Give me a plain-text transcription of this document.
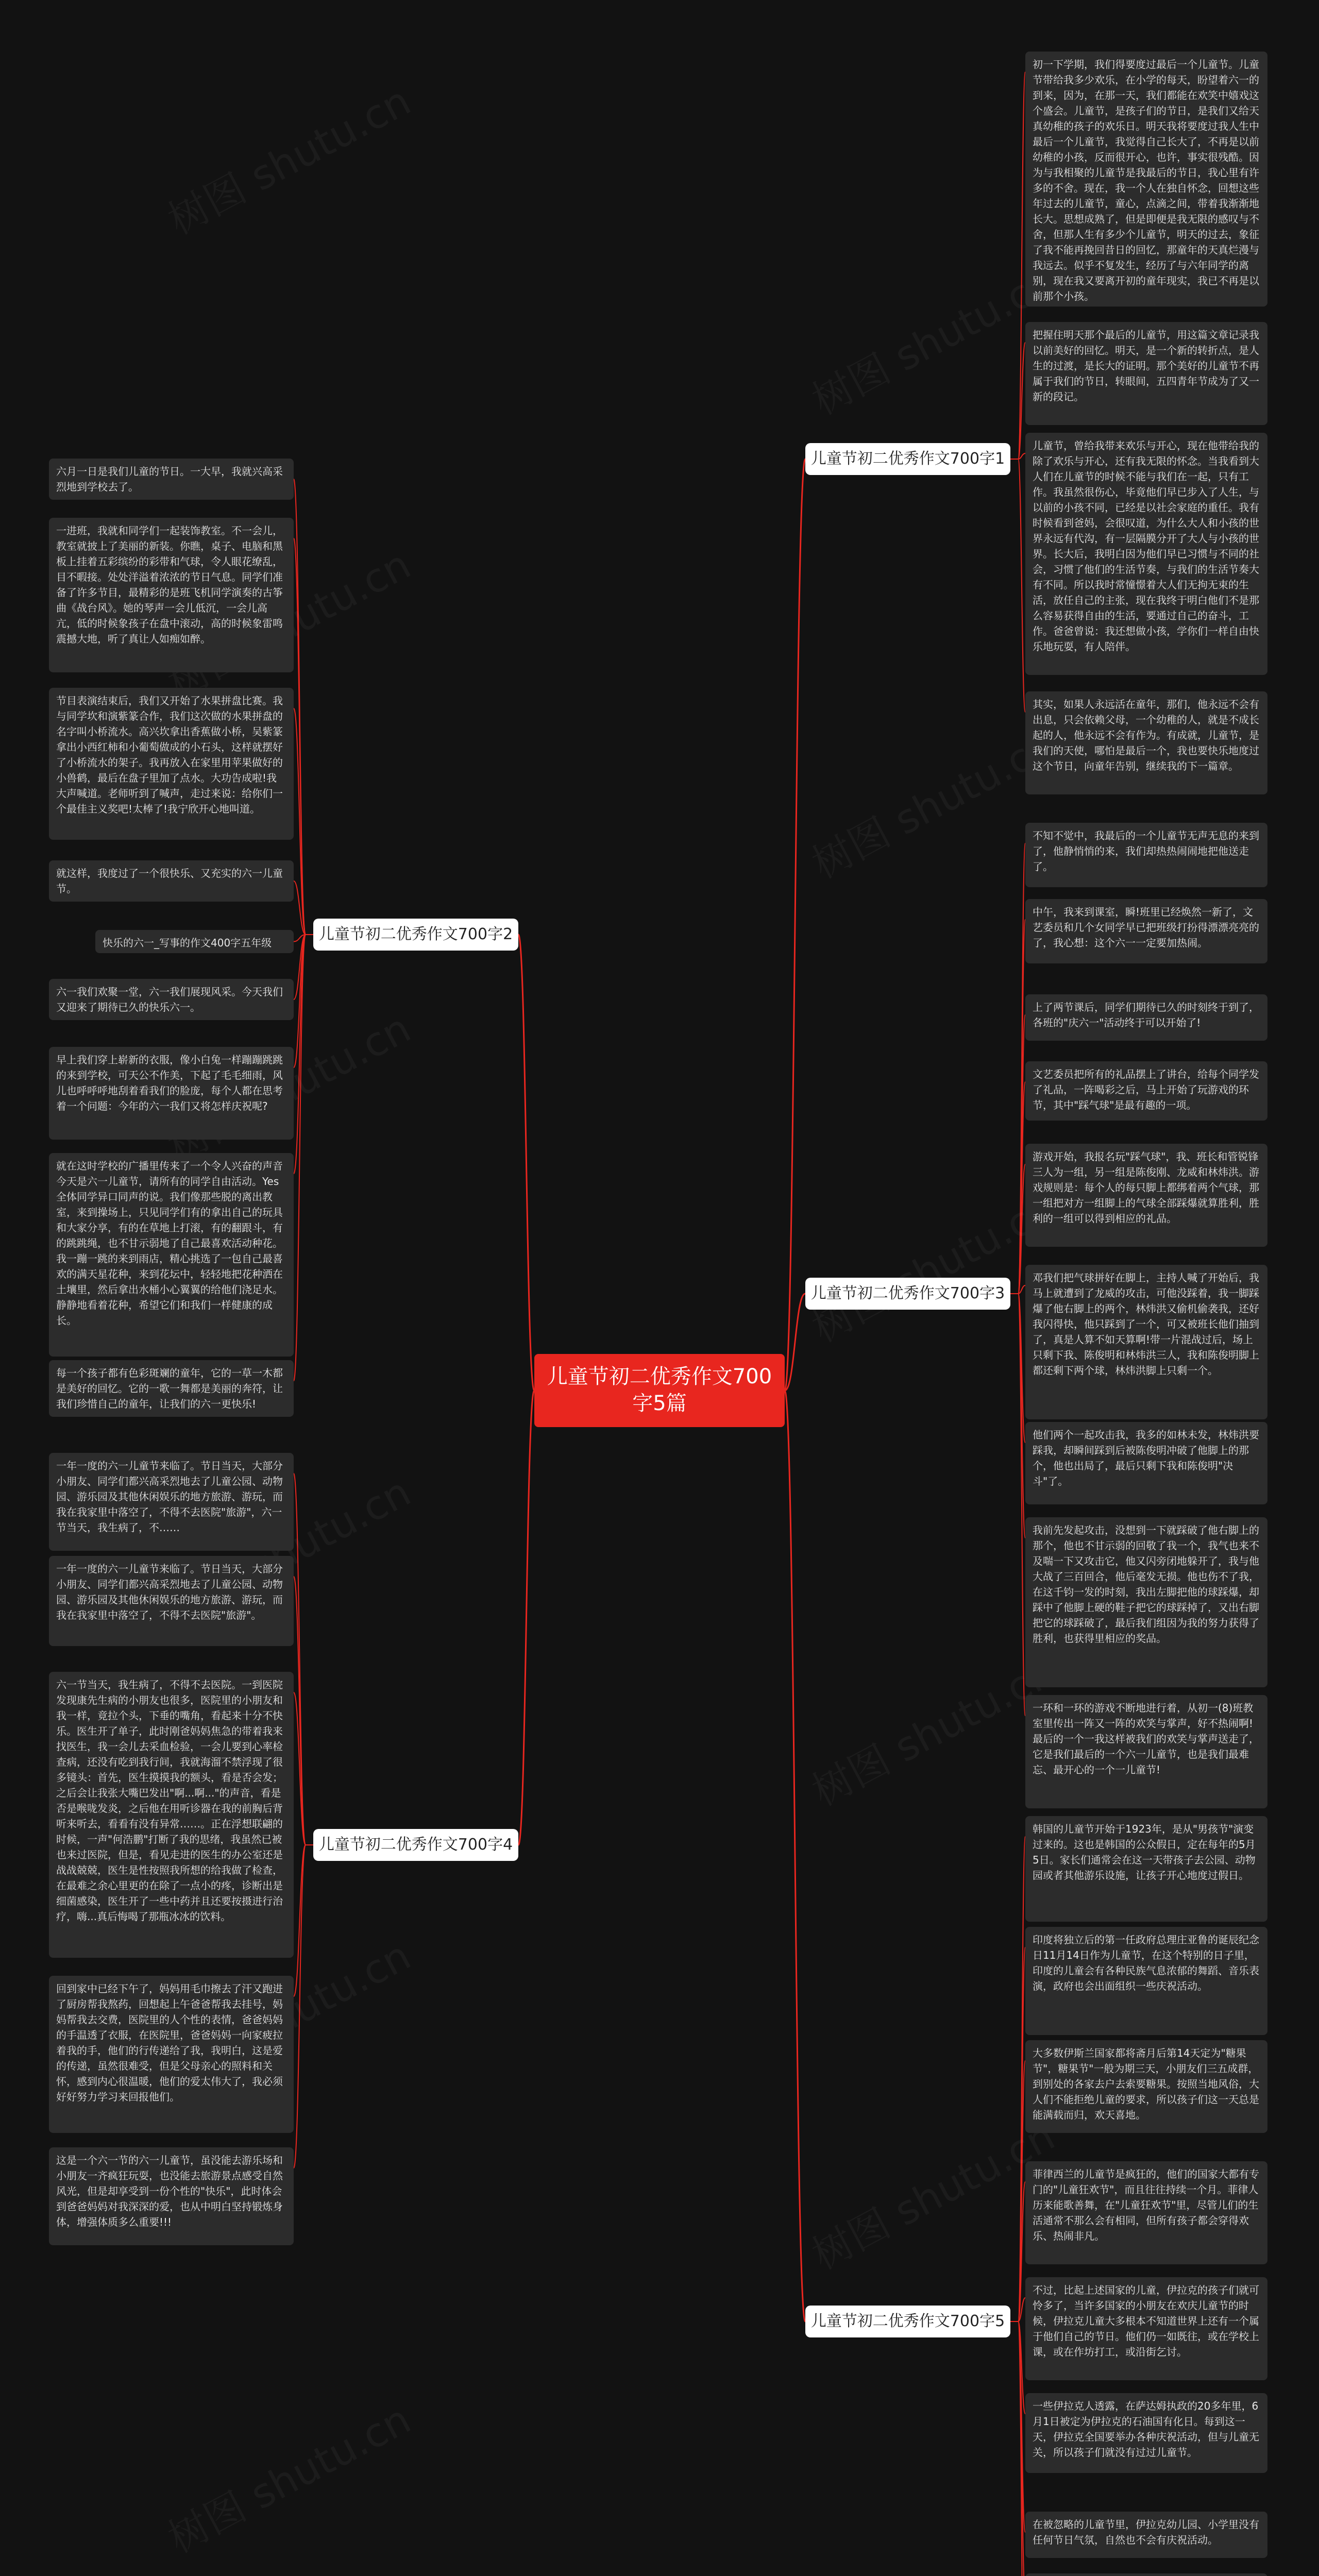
儿童节初二优秀作文700字1
初一下学期，我们得要度过最后一个儿童节。儿童节带给我多少欢乐，在小学的每天，盼望着六一的到来，因为，在那一天，我们都能在欢笑中嬉戏这个盛会。儿童节，是孩子们的节日，是我们又给天真幼稚的孩子的欢乐日。明天我将要度过我人生中最后一个儿童节，我觉得自己长大了，不再是以前幼稚的小孩，反而很开心，也许，事实很残酷。因为与我相聚的儿童节是我最后的节日，我心里有许多的不舍。现在，我一个人在独自怀念，回想这些年过去的儿童节，童心，点滴之间，带着我渐渐地长大。思想成熟了，但是即便是我无限的感叹与不舍，但那人生有多少个儿童节，明天的过去，象征了我不能再挽回昔日的回忆，那童年的天真烂漫与我远去。似乎不复发生，经历了与六年同学的离别，现在我又要离开初的童年现实，我已不再是以前那个小孩。
把握住明天那个最后的儿童节，用这篇文章记录我以前美好的回忆。明天，是一个新的转折点，是人生的过渡，是长大的证明。那个美好的儿童节不再属于我们的节日，转眼间，五四青年节成为了又一新的段记。
儿童节，曾给我带来欢乐与开心，现在他带给我的除了欢乐与开心，还有我无限的怀念。当我看到大人们在儿童节的时候不能与我们在一起，只有工作。我虽然很伤心，毕竟他们早已步入了人生，与以前的小孩不同，已经是以社会家庭的重任。我有时候看到爸妈，会很叹道，为什么大人和小孩的世界永远有代沟，有一层隔膜分开了大人与小孩的世界。长大后，我明白因为他们早已习惯与不同的社会，习惯了他们的生活节奏，与我们的生活节奏大有不同。所以我时常憧憬着大人们无拘无束的生活，放任自己的主张，现在我终于明白他们不是那么容易获得自由的生活，要通过自己的奋斗，工作。爸爸曾说：我还想做小孩，学你们一样自由快乐地玩耍，有人陪伴。
其实，如果人永远活在童年，那们，他永远不会有出息，只会依赖父母，一个幼稚的人，就是不成长起的人，他永远不会有作为。有成就，儿童节，是我们的天使，哪怕是最后一个，我也要快乐地度过这个节日，向童年告别，继续我的下一篇章。
儿童节初二优秀作文700字2
六月一日是我们儿童的节日。一大早，我就兴高采烈地到学校去了。
一进班，我就和同学们一起装饰教室。不一会儿，教室就披上了美丽的新装。你瞧，桌子、电脑和黑板上挂着五彩缤纷的彩带和气球，令人眼花缭乱，目不暇接。处处洋溢着浓浓的节日气息。同学们准备了许多节目，最精彩的是班飞机同学演奏的古筝曲《战台风》。她的琴声一会儿低沉，一会儿高亢，低的时候象孩子在盘中滚动，高的时候象雷鸣震撼大地，听了真让人如痴如醉。
节目表演结束后，我们又开始了水果拼盘比赛。我与同学坎和演紫篆合作，我们这次做的水果拼盘的名字叫小桥流水。高兴坎拿出香蕉做小桥，吴紫篆拿出小西红柿和小葡萄做成的小石头，这样就摆好了小桥流水的架子。我再放入在家里用苹果做好的小兽鹤，最后在盘子里加了点水。大功告成啦!我大声喊道。老师听到了喊声，走过来说：给你们一个最佳主义奖吧!太棒了!我宁欣开心地叫道。
就这样，我度过了一个很快乐、又充实的六一儿童节。
快乐的六一_写事的作文400字五年级
六一我们欢聚一堂，六一我们展现风采。今天我们又迎来了期待已久的快乐六一。
早上我们穿上崭新的衣服，像小白兔一样蹦蹦跳跳的来到学校，可天公不作美，下起了毛毛细雨，风儿也呼呼呼地刮着看我们的脸庞，每个人都在思考着一个问题：今年的六一我们又将怎样庆祝呢?
就在这时学校的广播里传来了一个令人兴奋的声音今天是六一儿童节，请所有的同学自由活动。Yes全体同学异口同声的说。我们像那些脱的离出教室，来到操场上，只见同学们有的拿出自己的玩具和大家分享，有的在草地上打滚，有的翻跟斗，有的跳跳绳，也不甘示弱地了自己最喜欢活动种花。我一蹦一跳的来到雨店，精心挑选了一包自己最喜欢的满天星花种，来到花坛中，轻轻地把花种洒在土壤里，然后拿出水桶小心翼翼的给他们浇足水。静静地看着花种，希望它们和我们一样健康的成长。
每一个孩子都有色彩斑斓的童年，它的一草一木都是美好的回忆。它的一歌一舞都是美丽的奔符，让我们珍惜自己的童年，让我们的六一更快乐!
儿童节初二优秀作文700字3
不知不觉中，我最后的一个儿童节无声无息的来到了，他静悄悄的来，我们却热热闹闹地把他送走了。
中午，我来到课室，瞬!班里已经焕然一新了，文艺委员和几个女同学早已把班级打扮得漂漂亮亮的了，我心想：这个六一一定要加热闹。
上了两节课后，同学们期待已久的时刻终于到了，各班的"庆六一"活动终于可以开始了!
文艺委员把所有的礼品摆上了讲台，给每个同学发了礼品，一阵喝彩之后，马上开始了玩游戏的环节，其中"踩气球"是最有趣的一项。
游戏开始，我报名玩"踩气球"，我、班长和管锐锋三人为一组，另一组是陈俊刚、龙威和林炜洪。游戏规则是：每个人的每只脚上都绑着两个气球，那一组把对方一组脚上的气球全部踩爆就算胜利，胜利的一组可以得到相应的礼品。
邓我们把气球拼好在脚上，主持人喊了开始后，我马上就遭到了龙威的攻击，可他没踩着，我一脚踩爆了他右脚上的两个，林炜洪又偷机偷袭我，还好我闪得快，他只踩到了一个，可又被班长他们抽到了，真是人算不如天算啊!带一片混战过后，场上只剩下我、陈俊明和林炜洪三人，我和陈俊明脚上都还剩下两个球，林炜洪脚上只剩一个。
他们两个一起攻击我，我多的如林未发，林炜洪要踩我，却瞬间踩到后被陈俊明冲破了他脚上的那个，他也出局了，最后只剩下我和陈俊明"决斗"了。
我前先发起攻击，没想到一下就踩破了他右脚上的那个，他也不甘示弱的回敬了我一个，我气也来不及喘一下又攻击它，他又闪旁闭地躲开了，我与他大战了三百回合，他后毫发无损。他也伤不了我，在这千钧一发的时刻，我出左脚把他的球踩爆，却踩中了他脚上硬的鞋子把它的球踩掉了，又出右脚把它的球踩破了，最后我们组因为我的努力获得了胜利，也获得里相应的奖品。
一环和一环的游戏不断地进行着，从初一(8)班教室里传出一阵又一阵的欢笑与掌声，好不热闹啊!最后的一个一我这样被我们的欢笑与掌声送走了，它是我们最后的一个六一儿童节，也是我们最难忘、最开心的一个一儿童节!
儿童节初二优秀作文700字4
一年一度的六一儿童节来临了。节日当天，大部分小朋友、同学们都兴高采烈地去了儿童公园、动物园、游乐园及其他休闲娱乐的地方旅游、游玩，而我在我家里中落空了，不得不去医院"旅游"，六一节当天，我生病了，不……
一年一度的六一儿童节来临了。节日当天，大部分小朋友、同学们都兴高采烈地去了儿童公园、动物园、游乐园及其他休闲娱乐的地方旅游、游玩，而我在我家里中落空了，不得不去医院"旅游"。
六一节当天，我生病了，不得不去医院。一到医院发现康先生病的小朋友也很多，医院里的小朋友和我一样，竟拉个头，下垂的嘴角，看起来十分不快乐。医生开了单子，此时刚爸妈妈焦急的带着我来找医生，我一会儿去采血检验，一会儿要到心率检查病，还没有吃到我行间，我就海溜不禁浮现了很多镜头：首先，医生摸摸我的额头，看是否会发；之后会让我张大嘴巴发出"啊...啊..."的声音，看是否是喉咙发炎，之后他在用听诊器在我的前胸后背听来听去，看看有没有异常……。正在浮想联翩的时候，一声"何浩鹏"打断了我的思绪，我虽然已被也来过医院，但是，看见走进的医生的办公室还是战战兢兢，医生是性按照我所想的给我做了检查，在最难之余心里更的在除了一点小的疼，诊断出是细菌感染，医生开了一些中药并且还要按摄进行治疗，嗨...真后悔喝了那瓶冰冰的饮料。
回到家中已经下午了，妈妈用毛巾擦去了汗又跑进了厨房帮我熬药，回想起上午爸爸帮我去挂号，妈妈帮我去交费，医院里的人个性的表情，爸爸妈妈的手温透了衣服，在医院里，爸爸妈妈一向家疲拉着我的手，他们的行传递给了我，我明白，这是爱的传递，虽然很难受，但是父母亲心的照料和关怀，感到内心很温暖，他们的爱太伟大了，我必须好好努力学习来回报他们。
这是一个六一节的六一儿童节，虽没能去游乐场和小朋友一齐疯狂玩耍，也没能去旅游景点感受自然风光，但是却享受到一份个性的"快乐"，此时体会到爸爸妈妈对我深深的爱，也从中明白坚持锻炼身体，增强体质多么重要!!!
儿童节初二优秀作文700字5
韩国的儿童节开始于1923年，是从"男孩节"演变过来的。这也是韩国的公众假日，定在每年的5月5日。家长们通常会在这一天带孩子去公园、动物园或者其他游乐设施，让孩子开心地度过假日。
印度将独立后的第一任政府总理庄亚鲁的诞辰纪念日11月14日作为儿童节，在这个特别的日子里，印度的儿童会有各种民族气息浓郁的舞蹈、音乐表演，政府也会出面组织一些庆祝活动。
大多数伊斯兰国家都将斋月后第14天定为"糖果节"，糖果节"一般为期三天，小朋友们三五成群，到别处的各家去户去索要糖果。按照当地风俗，大人们不能拒绝儿童的要求，所以孩子们这一天总是能满载而归，欢天喜地。
菲律西兰的儿童节是疯狂的，他们的国家大都有专门的"儿童狂欢节"，而且往往持续一个月。菲律人历来能歌善舞，在"儿童狂欢节"里，尽管儿们的生活通常不那么会有相同，但所有孩子都会穿得欢乐、热闹非凡。
不过，比起上述国家的儿童，伊拉克的孩子们就可怜多了，当许多国家的小朋友在欢庆儿童节的时候，伊拉克儿童大多根本不知道世界上还有一个属于他们自己的节日。他们仍一如既往，或在学校上课，或在作坊打工，或沿街乞讨。
一些伊拉克人透露，在萨达姆执政的20多年里，6月1日被定为伊拉克的石油国有化日。每到这一天，伊拉克全国要举办各种庆祝活动，但与儿童无关，所以孩子们就没有过过儿童节。
在被忽略的儿童节里，伊拉克幼儿园、小学里没有任何节日气氛，自然也不会有庆祝活动。
儿童节初二优秀作文700字5篇
